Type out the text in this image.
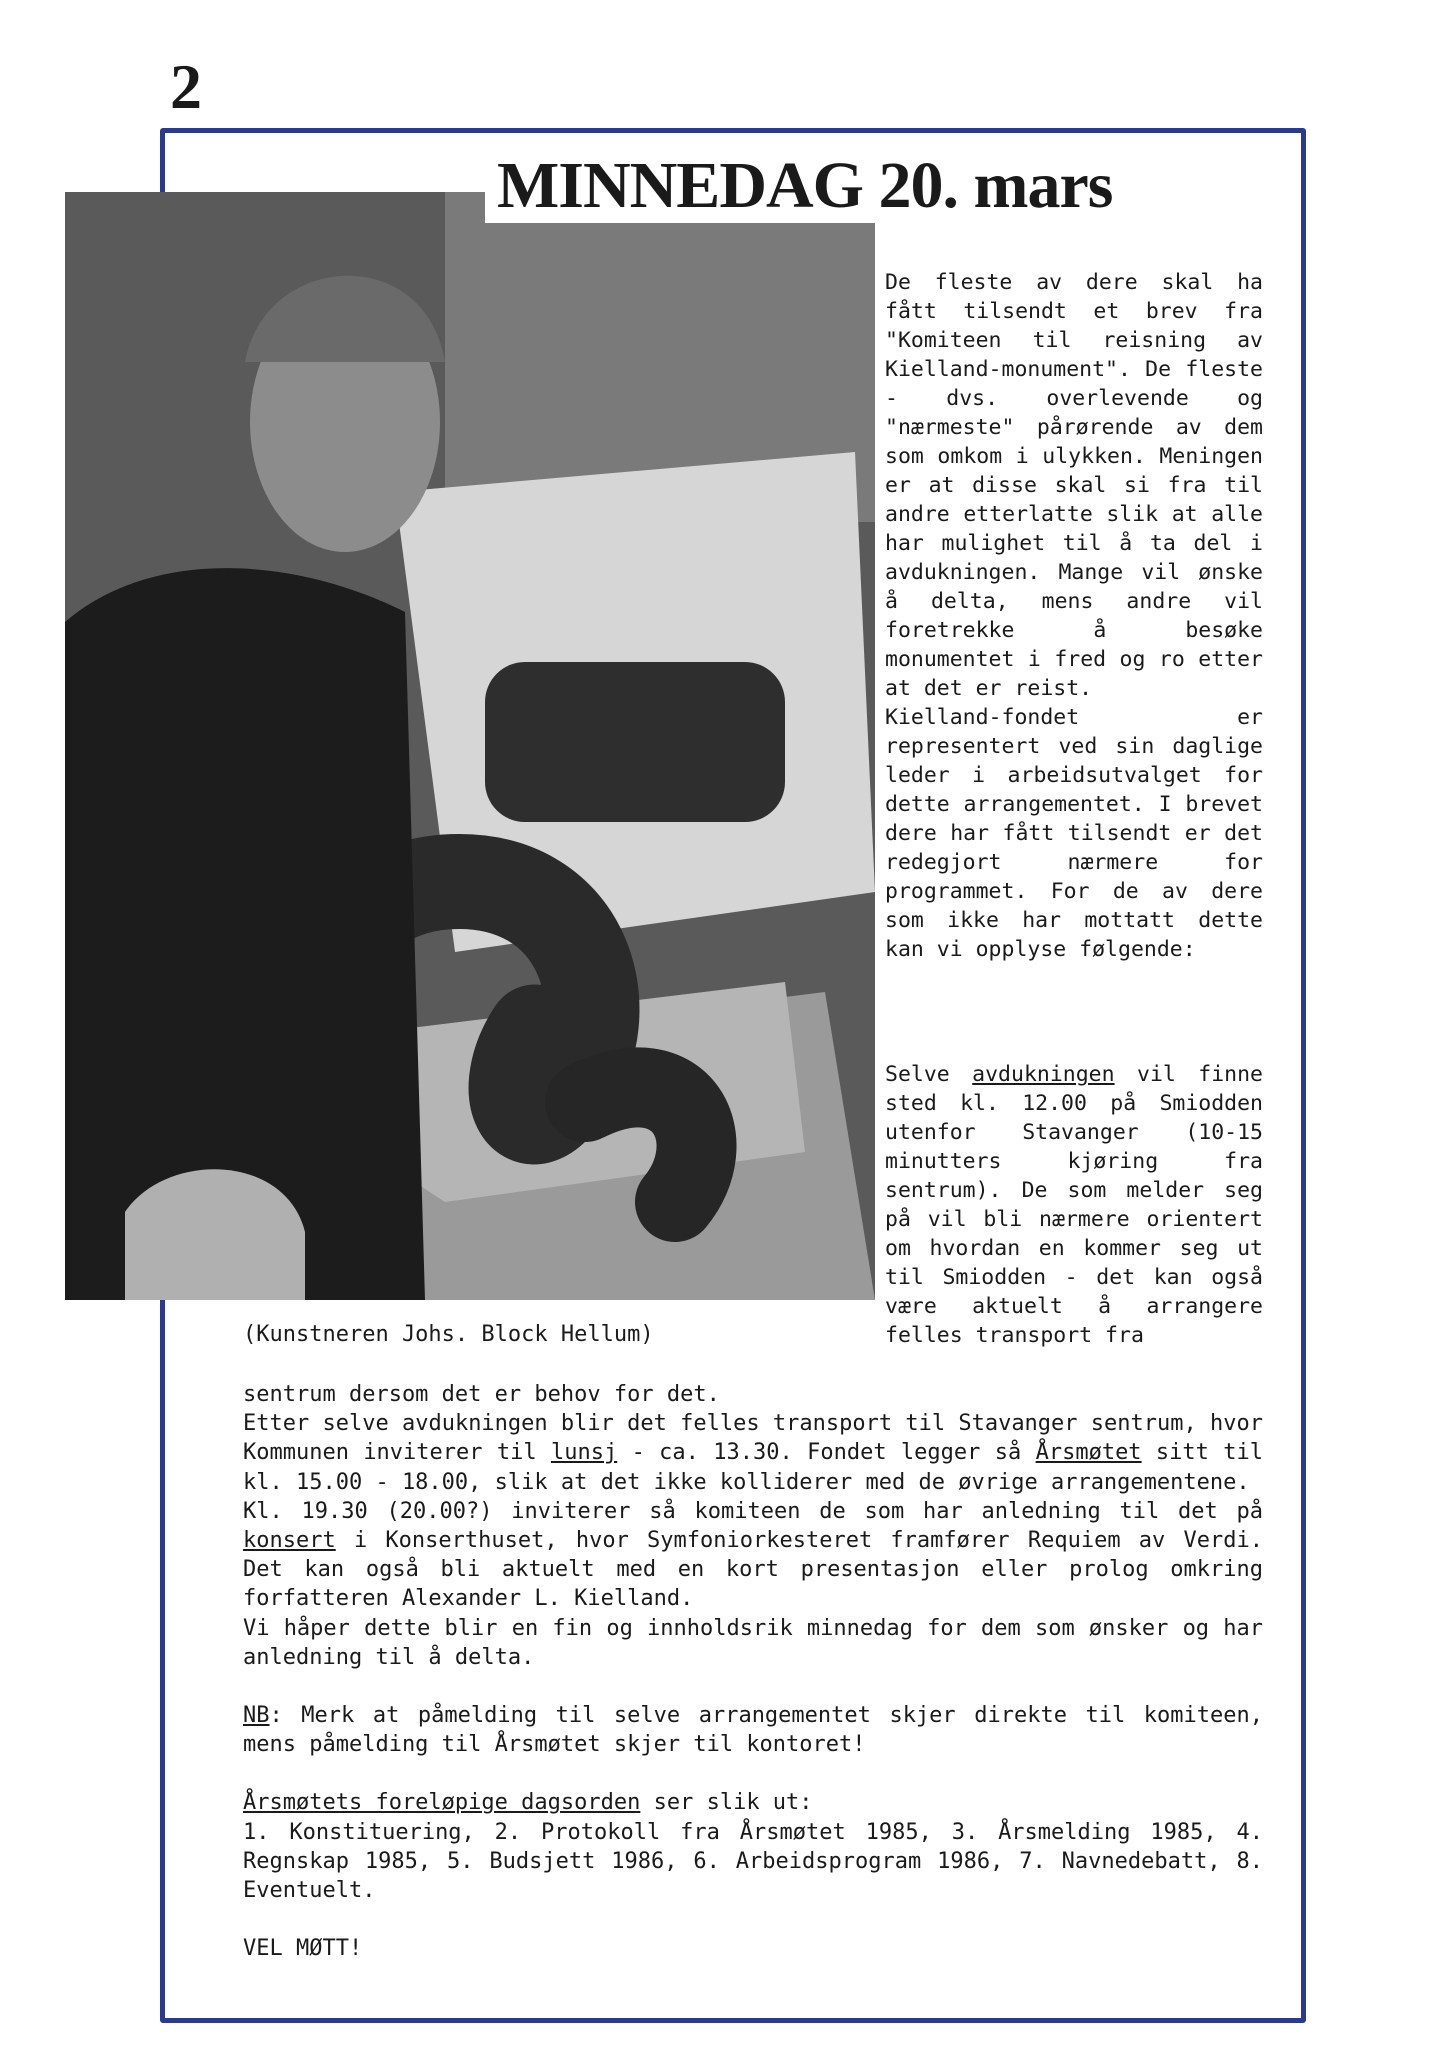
2
MINNEDAG 20. mars
(Kunstneren Johs. Block Hellum)

De fleste av dere skal ha fått tilsendt et brev fra "Komiteen til reisning av Kielland-monument". De fleste - dvs. overlevende og "nærmeste" pårørende av dem som omkom i ulykken. Meningen er at disse skal si fra til andre etterlatte slik at alle har mulighet til å ta del i avdukningen. Mange vil ønske å delta, mens andre vil foretrekke å besøke monumentet i fred og ro etter at det er reist.

Kielland-fondet er representert ved sin daglige leder i arbeidsutvalget for dette arrangementet. I brevet dere har fått tilsendt er det redegjort nærmere for programmet. For de av dere som ikke har mottatt dette kan vi opplyse følgende:

Selve avdukningen vil finne sted kl. 12.00 på Smiodden utenfor Stavanger (10-15 minutters kjøring fra sentrum). De som melder seg på vil bli nærmere orientert om hvordan en kommer seg ut til Smiodden - det kan også være aktuelt å arrangere felles transport fra

sentrum dersom det er behov for det.

Etter selve avdukningen blir det felles transport til Stavanger sentrum, hvor Kommunen inviterer til lunsj - ca. 13.30. Fondet legger så Årsmøtet sitt til kl. 15.00 - 18.00, slik at det ikke kolliderer med de øvrige arrangementene.

Kl. 19.30 (20.00?) inviterer så komiteen de som har anledning til det på konsert i Konserthuset, hvor Symfoniorkesteret framfører Requiem av Verdi. Det kan også bli aktuelt med en kort presentasjon eller prolog omkring forfatteren Alexander L. Kielland.

Vi håper dette blir en fin og innholdsrik minnedag for dem som ønsker og har anledning til å delta.

NB: Merk at påmelding til selve arrangementet skjer direkte til komiteen, mens påmelding til Årsmøtet skjer til kontoret!

Årsmøtets foreløpige dagsorden ser slik ut:

1. Konstituering, 2. Protokoll fra Årsmøtet 1985, 3. Årsmelding 1985, 4. Regnskap 1985, 5. Budsjett 1986, 6. Arbeidsprogram 1986, 7. Navnedebatt, 8. Eventuelt.

VEL MØTT!
